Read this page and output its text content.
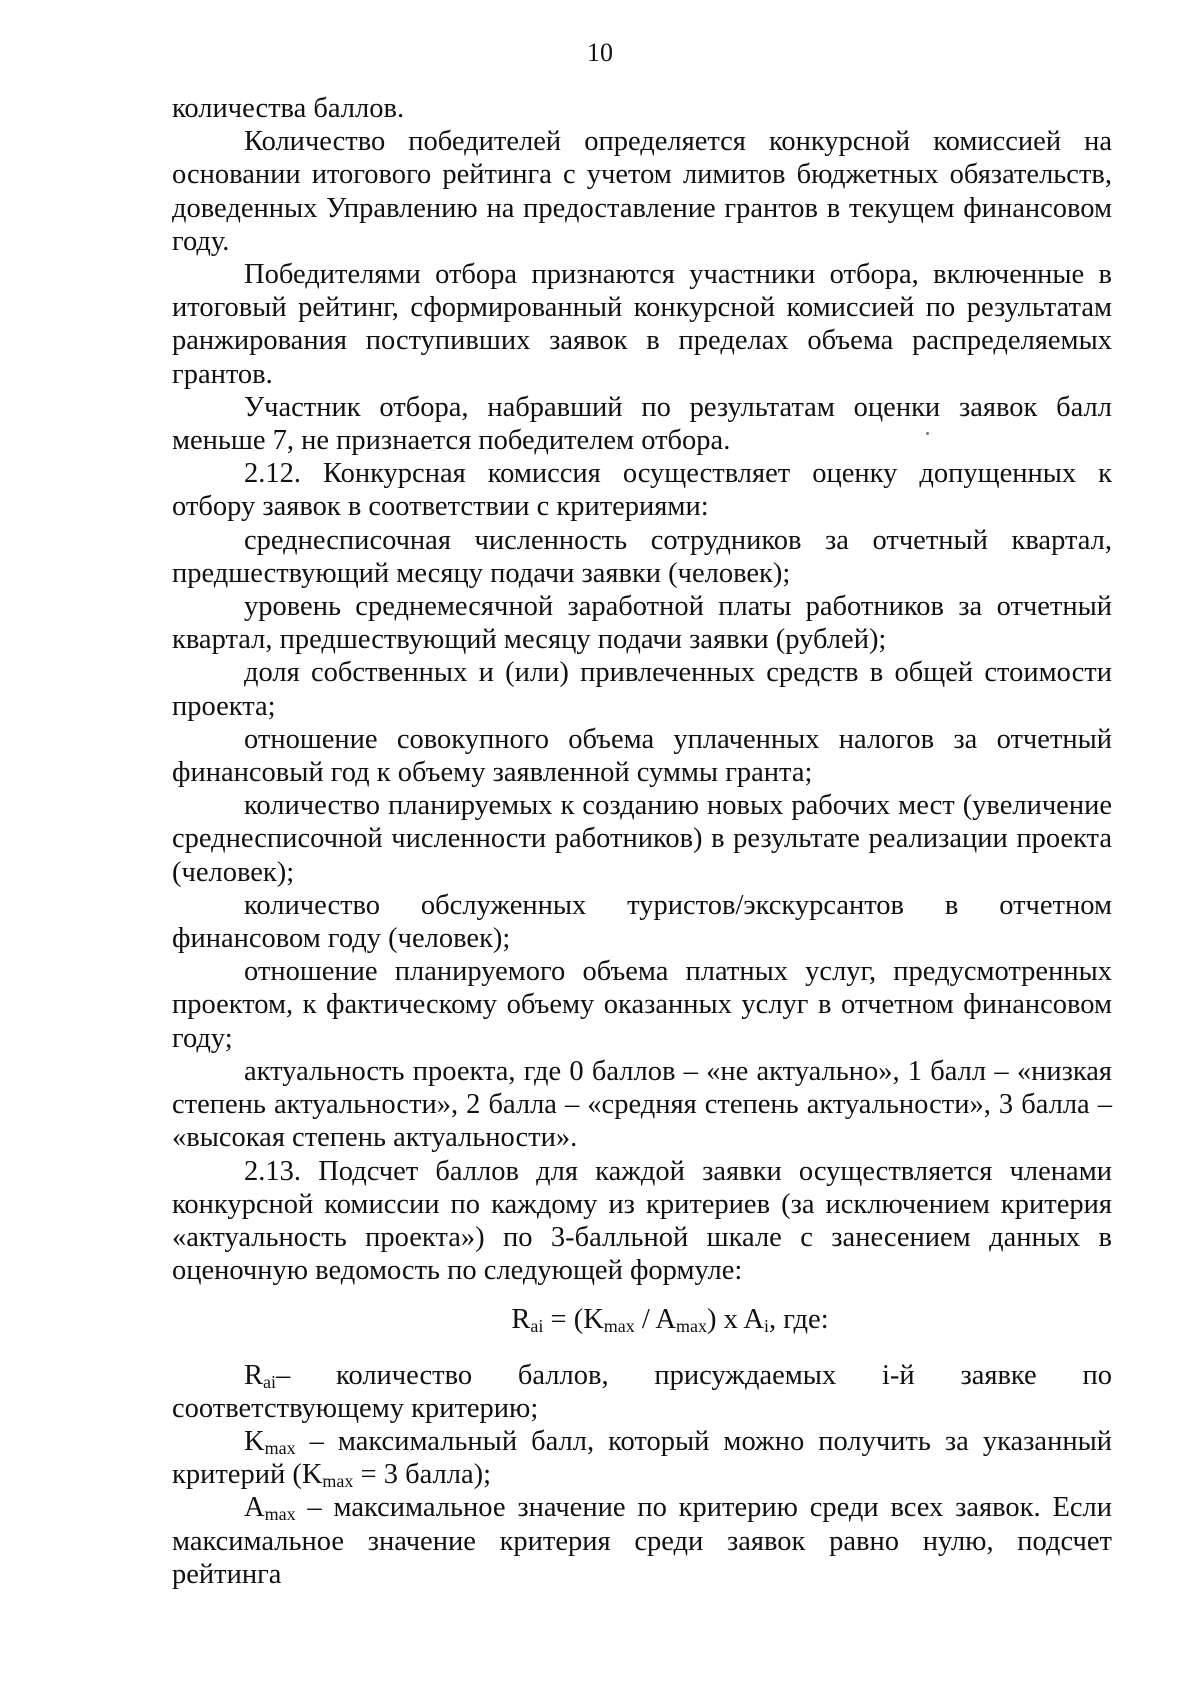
10

количества баллов.

Количество победителей определяется конкурсной комиссией на основании итогового рейтинга с учетом лимитов бюджетных обязательств, доведенных Управлению на предоставление грантов в текущем финансовом году.

Победителями отбора признаются участники отбора, включенные в итоговый рейтинг, сформированный конкурсной комиссией по результатам ранжирования поступивших заявок в пределах объема распределяемых грантов.

Участник отбора, набравший по результатам оценки заявок балл меньше 7, не признается победителем отбора.

2.12. Конкурсная комиссия осуществляет оценку допущенных к отбору заявок в соответствии с критериями:

среднесписочная численность сотрудников за отчетный квартал, предшествующий месяцу подачи заявки (человек);

уровень среднемесячной заработной платы работников за отчетный квартал, предшествующий месяцу подачи заявки (рублей);

доля собственных и (или) привлеченных средств в общей стоимости проекта;

отношение совокупного объема уплаченных налогов за отчетный финансовый год к объему заявленной суммы гранта;

количество планируемых к созданию новых рабочих мест (увеличение среднесписочной численности работников) в результате реализации проекта (человек);

количество обслуженных туристов/экскурсантов в отчетном финансовом году (человек);

отношение планируемого объема платных услуг, предусмотренных проектом, к фактическому объему оказанных услуг в отчетном финансовом году;

актуальность проекта, где 0 баллов – «не актуально», 1 балл – «низкая степень актуальности», 2 балла – «средняя степень актуальности», 3 балла – «высокая степень актуальности».

2.13. Подсчет баллов для каждой заявки осуществляется членами конкурсной комиссии по каждому из критериев (за исключением критерия «актуальность проекта») по 3-балльной шкале с занесением данных в оценочную ведомость по следующей формуле:

$R_{ai} = (K_{max} / A_{max})$ x $A_i$, где:

$R_{ai}-$ количество баллов, присуждаемых i-й заявке по соответствующему критерию;

$K_{max}$ – максимальный балл, который можно получить за указанный критерий ($K_{max} = 3$ балла);

$A_{max}$ – максимальное значение по критерию среди всех заявок. Если максимальное значение критерия среди заявок равно нулю, подсчет рейтинга
